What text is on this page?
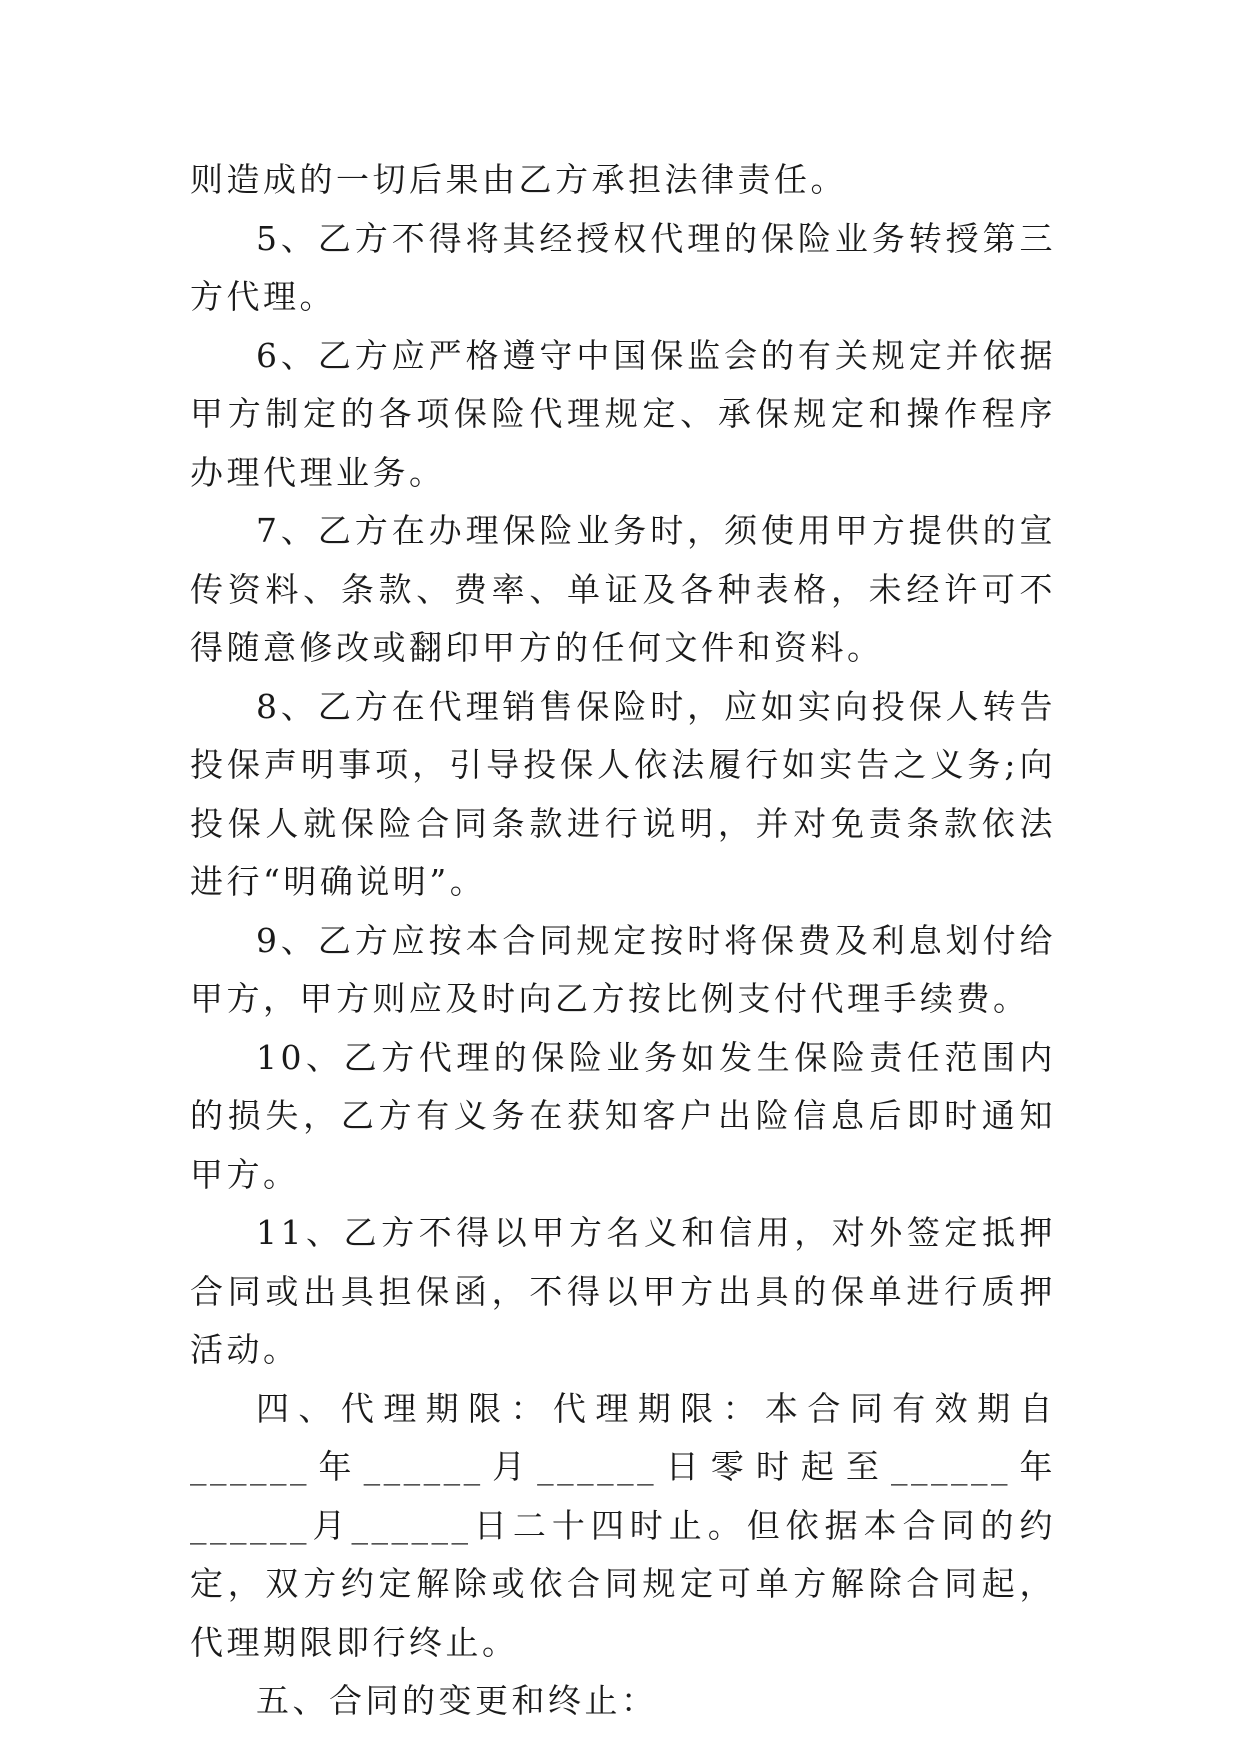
则造成的一切后果由乙方承担法律责任。

5、乙方不得将其经授权代理的保险业务转授第三方代理。

6、乙方应严格遵守中国保监会的有关规定并依据甲方制定的各项保险代理规定、承保规定和操作程序办理代理业务。

7、乙方在办理保险业务时，须使用甲方提供的宣传资料、条款、费率、单证及各种表格，未经许可不得随意修改或翻印甲方的任何文件和资料。

8、乙方在代理销售保险时，应如实向投保人转告投保声明事项，引导投保人依法履行如实告之义务;向投保人就保险合同条款进行说明，并对免责条款依法进行“明确说明”。

9、乙方应按本合同规定按时将保费及利息划付给甲方，甲方则应及时向乙方按比例支付代理手续费。

10、乙方代理的保险业务如发生保险责任范围内的损失，乙方有义务在获知客户出险信息后即时通知甲方。

11、乙方不得以甲方名义和信用，对外签定抵押合同或出具担保函，不得以甲方出具的保单进行质押活动。

四、代理期限：代理期限：本合同有效期自______年______月______日零时起至______年______月______日二十四时止。但依据本合同的约定，双方约定解除或依合同规定可单方解除合同起，代理期限即行终止。

五、合同的变更和终止：
